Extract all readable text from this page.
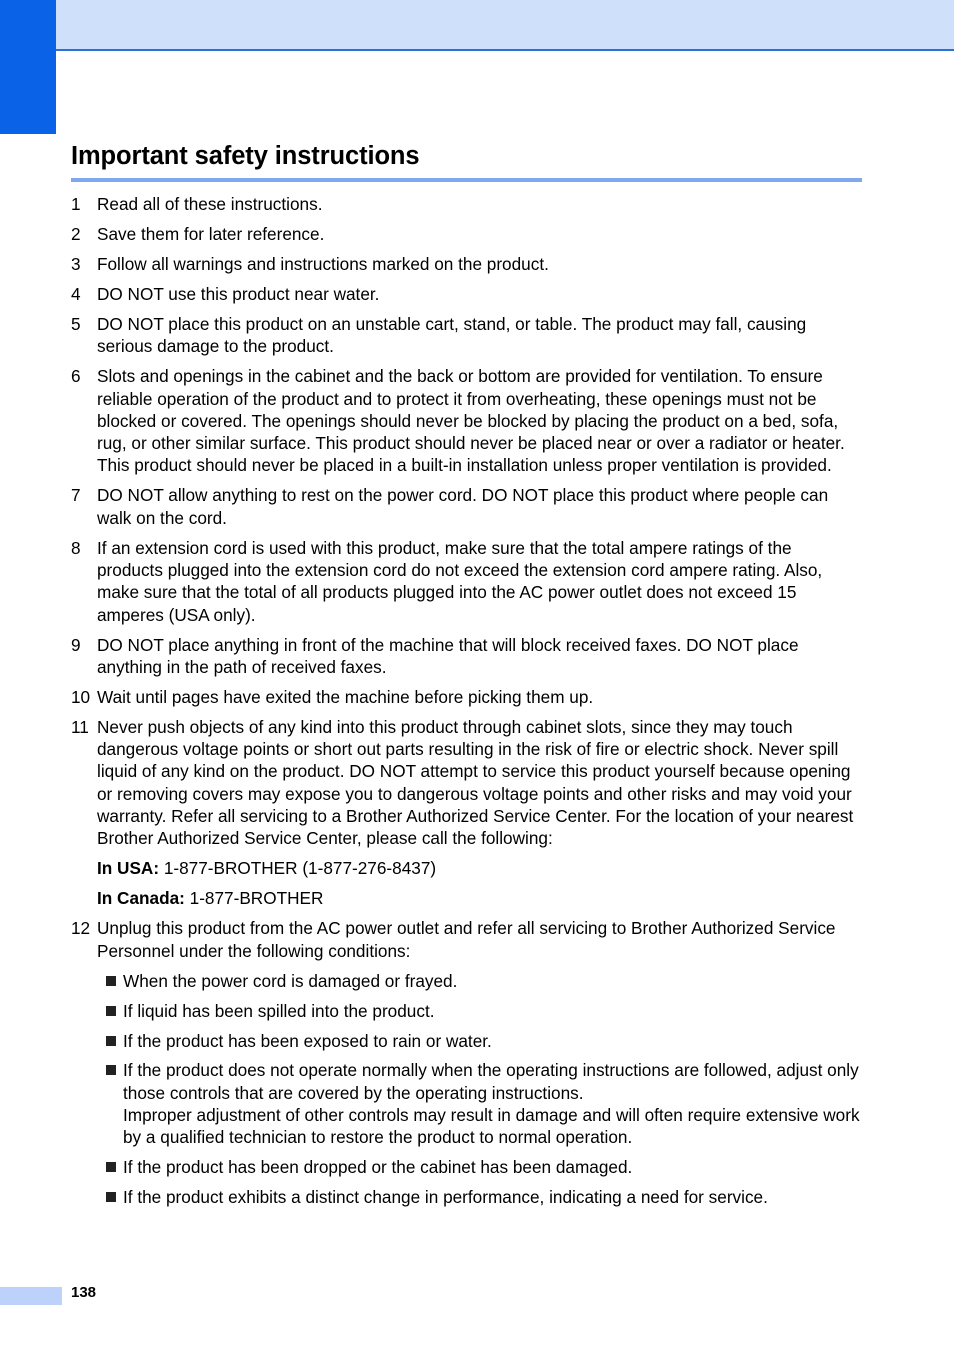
Important safety instructions
1 Read all of these instructions.
2 Save them for later reference.
3 Follow all warnings and instructions marked on the product.
4 DO NOT use this product near water.
5 DO NOT place this product on an unstable cart, stand, or table. The product may fall, causing serious damage to the product.
6 Slots and openings in the cabinet and the back or bottom are provided for ventilation. To ensure reliable operation of the product and to protect it from overheating, these openings must not be blocked or covered. The openings should never be blocked by placing the product on a bed, sofa, rug, or other similar surface. This product should never be placed near or over a radiator or heater. This product should never be placed in a built-in installation unless proper ventilation is provided.
7 DO NOT allow anything to rest on the power cord. DO NOT place this product where people can walk on the cord.
8 If an extension cord is used with this product, make sure that the total ampere ratings of the products plugged into the extension cord do not exceed the extension cord ampere rating. Also, make sure that the total of all products plugged into the AC power outlet does not exceed 15 amperes (USA only).
9 DO NOT place anything in front of the machine that will block received faxes. DO NOT place anything in the path of received faxes.
10 Wait until pages have exited the machine before picking them up.
11 Never push objects of any kind into this product through cabinet slots, since they may touch dangerous voltage points or short out parts resulting in the risk of fire or electric shock. Never spill liquid of any kind on the product. DO NOT attempt to service this product yourself because opening or removing covers may expose you to dangerous voltage points and other risks and may void your warranty. Refer all servicing to a Brother Authorized Service Center. For the location of your nearest Brother Authorized Service Center, please call the following:
In USA: 1-877-BROTHER (1-877-276-8437)
In Canada: 1-877-BROTHER
12 Unplug this product from the AC power outlet and refer all servicing to Brother Authorized Service Personnel under the following conditions:
When the power cord is damaged or frayed.
If liquid has been spilled into the product.
If the product has been exposed to rain or water.
If the product does not operate normally when the operating instructions are followed, adjust only those controls that are covered by the operating instructions.
Improper adjustment of other controls may result in damage and will often require extensive work by a qualified technician to restore the product to normal operation.
If the product has been dropped or the cabinet has been damaged.
If the product exhibits a distinct change in performance, indicating a need for service.
138
